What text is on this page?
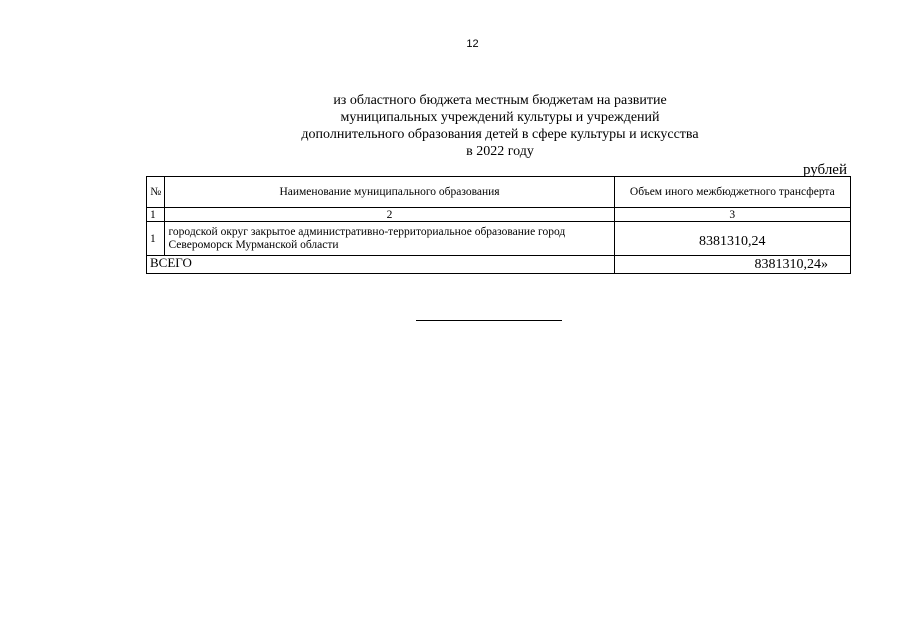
12
из областного бюджета местным бюджетам на развитие
муниципальных учреждений культуры и учреждений
дополнительного образования детей в сфере культуры и искусства
в 2022 году
рублей
№	Наименование муниципального образования	Объем иного межбюджетного трансферта
1	2	3
1	городской округ закрытое административно-территориальное образование город Североморск Мурманской области	8381310,24
ВСЕГО		8381310,24»
